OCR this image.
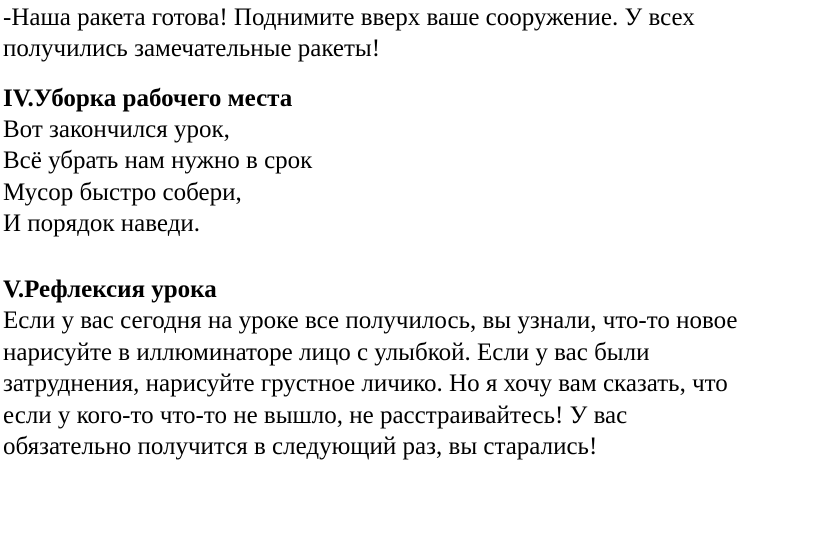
-Наша ракета готова! Поднимите вверх ваше сооружение. У всех
получились замечательные ракеты!
IV.Уборка рабочего места
Вот закончился урок,
Всё убрать нам нужно в срок
Мусор быстро собери,
И порядок наведи.
V.Рефлексия урока
Если у вас сегодня на уроке все получилось, вы узнали, что-то новое
нарисуйте в иллюминаторе лицо с улыбкой. Если у вас были
затруднения, нарисуйте грустное личико. Но я хочу вам сказать, что
если у кого-то что-то не вышло, не расстраивайтесь! У вас
обязательно получится в следующий раз, вы старались!
